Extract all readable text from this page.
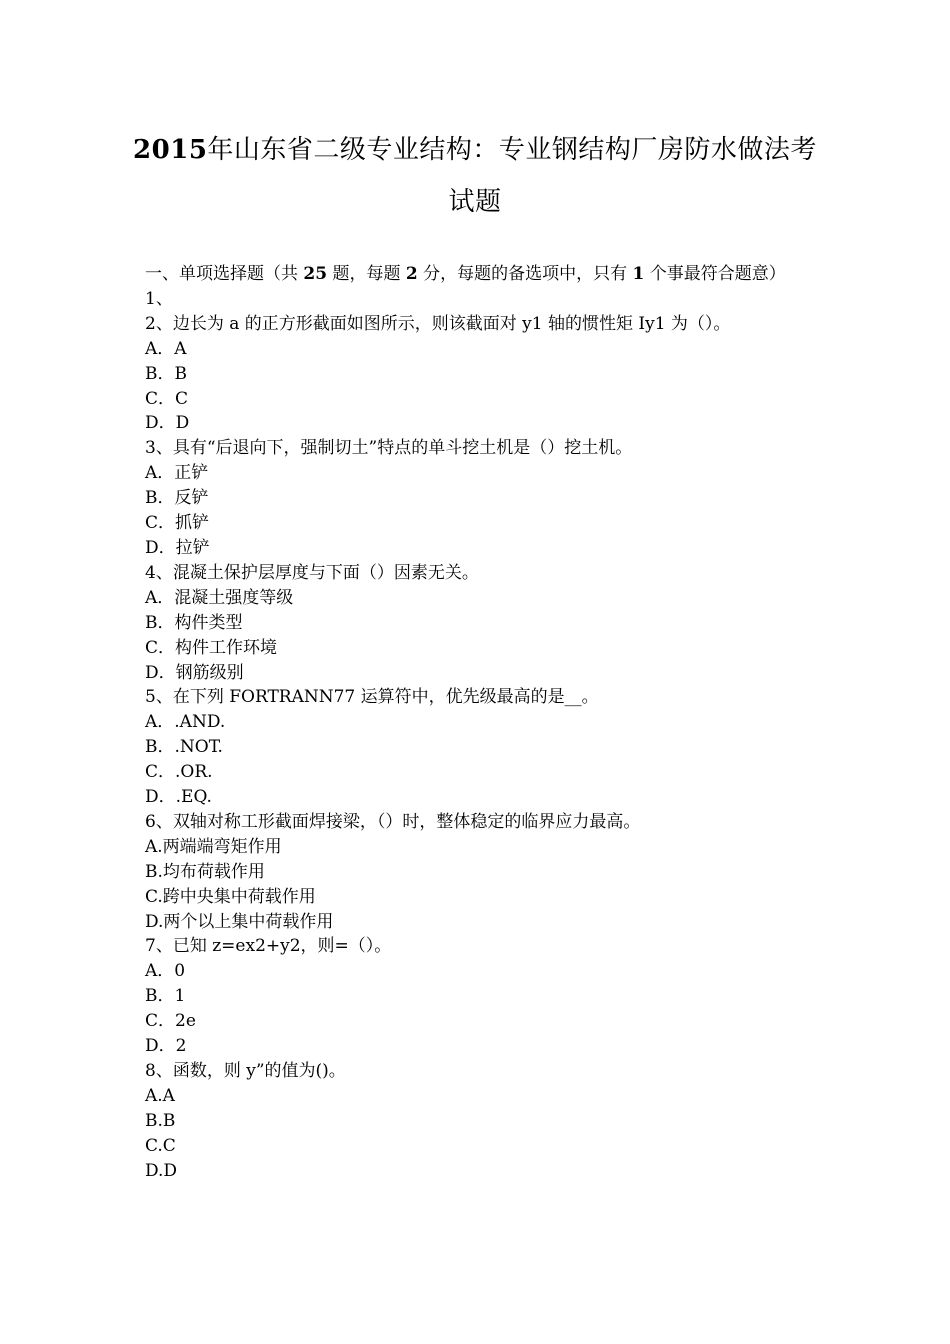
2015年山东省二级专业结构：专业钢结构厂房防水做法考
试题

一、单项选择题（共 25 题，每题 2 分，每题的备选项中，只有 1 个事最符合题意）

1、

2、边长为 a 的正方形截面如图所示，则该截面对 y1 轴的惯性矩 Iy1 为（）。

A．A

B．B

C．C

D．D

3、具有“后退向下，强制切土”特点的单斗挖土机是（）挖土机。

A．正铲

B．反铲

C．抓铲

D．拉铲

4、混凝土保护层厚度与下面（）因素无关。

A．混凝土强度等级

B．构件类型

C．构件工作环境

D．钢筋级别

5、在下列 FORTRANN77 运算符中，优先级最高的是__。

A．.AND.

B．.NOT.

C．.OR.

D．.EQ.

6、双轴对称工形截面焊接梁，（）时，整体稳定的临界应力最高。

A.两端端弯矩作用

B.均布荷载作用

C.跨中央集中荷载作用

D.两个以上集中荷载作用

7、已知 z=ex2+y2，则=（）。

A．0

B．1

C．2e

D．2

8、函数，则 y”的值为()。

A.A

B.B

C.C

D.D
